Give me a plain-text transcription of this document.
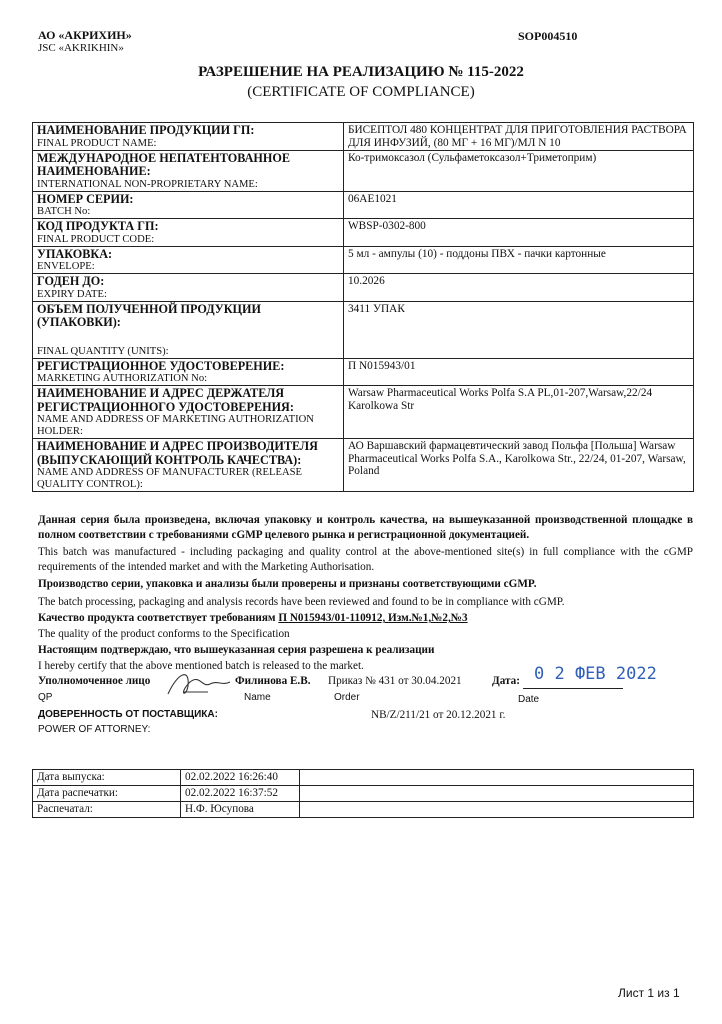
АО «АКРИХИН»
JSC «AKRIKHIN»
SOP004510
РАЗРЕШЕНИЕ НА РЕАЛИЗАЦИЮ № 115-2022
(CERTIFICATE OF COMPLIANCE)
НАИМЕНОВАНИЕ ПРОДУКЦИИ ГП:
FINAL PRODUCT NAME:	БИСЕПТОЛ 480 КОНЦЕНТРАТ ДЛЯ ПРИГОТОВЛЕНИЯ РАСТВОРА ДЛЯ ИНФУЗИЙ, (80 МГ + 16 МГ)/МЛ N 10

МЕЖДУНАРОДНОЕ НЕПАТЕНТОВАННОЕ НАИМЕНОВАНИЕ:
INTERNATIONAL NON-PROPRIETARY NAME:	Ко-тримоксазол (Сульфаметоксазол+Триметоприм)

НОМЕР СЕРИИ:
BATCH No:	06AE1021

КОД ПРОДУКТА ГП:
FINAL PRODUCT CODE:	WBSP-0302-800

УПАКОВКА:
ENVELOPE:	5 мл - ампулы (10) - поддоны ПВХ - пачки картонные

ГОДЕН ДО:
EXPIRY DATE:	10.2026

ОБЪЕМ ПОЛУЧЕННОЙ ПРОДУКЦИИ (УПАКОВКИ):
FINAL QUANTITY (UNITS):	3411 УПАК

РЕГИСТРАЦИОННОЕ УДОСТОВЕРЕНИЕ:
MARKETING AUTHORIZATION No:	П N015943/01

НАИМЕНОВАНИЕ И АДРЕС ДЕРЖАТЕЛЯ РЕГИСТРАЦИОННОГО УДОСТОВЕРЕНИЯ:
NAME AND ADDRESS OF MARKETING AUTHORIZATION HOLDER:	Warsaw Pharmaceutical Works Polfa S.A PL,01-207,Warsaw,22/24 Karolkowa Str

НАИМЕНОВАНИЕ И АДРЕС ПРОИЗВОДИТЕЛЯ (ВЫПУСКАЮЩИЙ КОНТРОЛЬ КАЧЕСТВА):
NAME AND ADDRESS OF MANUFACTURER (RELEASE QUALITY CONTROL):	АО Варшавский фармацевтический завод Польфа [Польша] Warsaw Pharmaceutical Works Polfa S.A., Karolkowa Str., 22/24, 01-207, Warsaw, Poland
Данная серия была произведена, включая упаковку и контроль качества, на вышеуказанной производственной площадке в полном соответствии с требованиями cGMP целевого рынка и регистрационной документацией.
This batch was manufactured - including packaging and quality control at the above-mentioned site(s) in full compliance with the cGMP requirements of the intended market and with the Marketing Authorisation.
Производство серии, упаковка и анализы были проверены и признаны соответствующими cGMP.
The batch processing, packaging and analysis records have been reviewed and found to be in compliance with cGMP.
Качество продукта соответствует требованиям П N015943/01-110912, Изм.№1,№2,№3
The quality of the product conforms to the Specification
Настоящим подтверждаю, что вышеуказанная серия разрешена к реализации
I hereby certify that the above mentioned batch is released to the market.
Уполномоченное лицо	Филинова Е.В. Приказ № 431 от 30.04.2021	Дата: 0 2 ФЕВ 2022
QP	Name	Order	Date
ДОВЕРЕННОСТЬ ОТ ПОСТАВЩИКА:	NB/Z/211/21 от 20.12.2021 г.
POWER OF ATTORNEY:
Дата выпуска:	02.02.2022 16:26:40	
Дата распечатки:	02.02.2022 16:37:52	
Распечатал:	Н.Ф. Юсупова	
Лист 1 из 1
